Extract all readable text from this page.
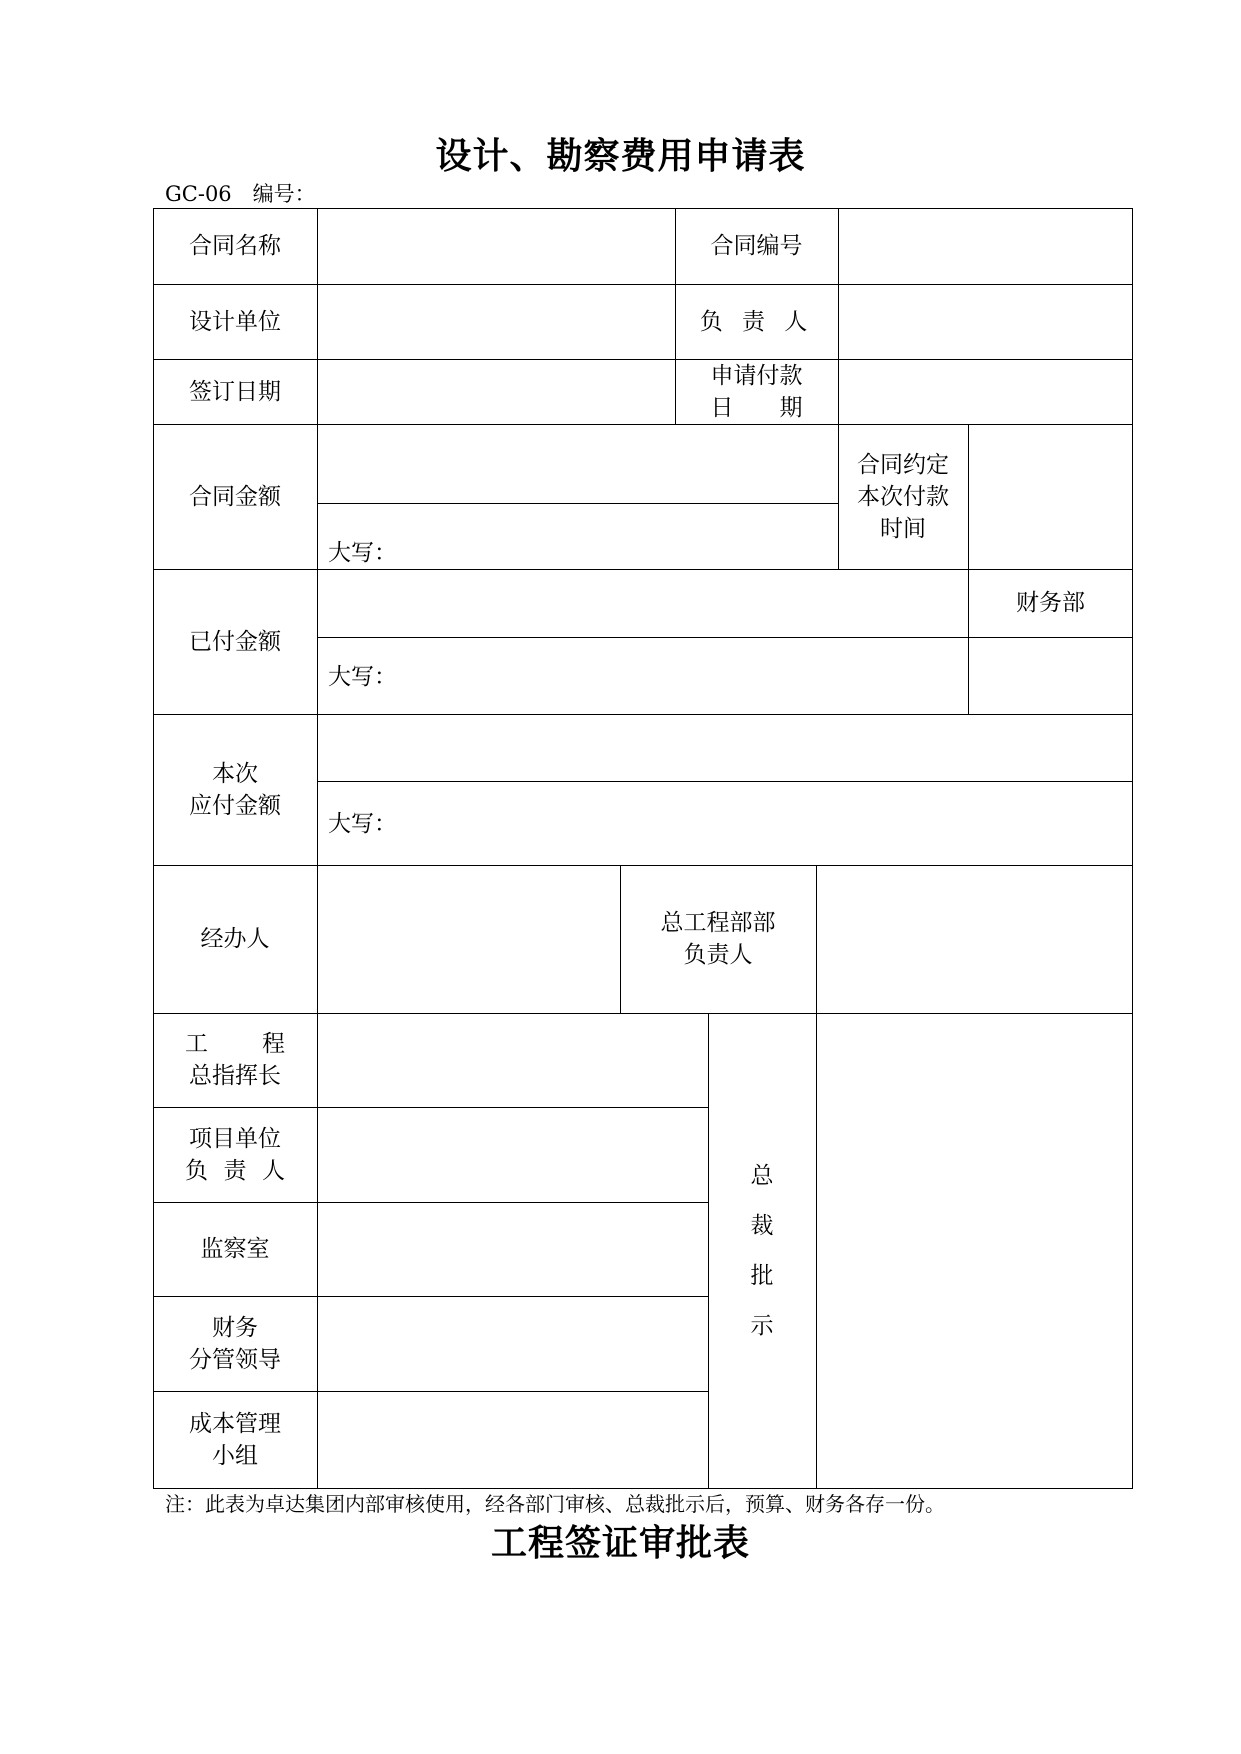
设计、勘察费用申请表
GC-06　编号：
合同名称	合同编号
设计单位	负 责 人
签订日期
申请付款
日　　期
合同金额
合同约定
本次付款
时间
大写：
已付金额
财务部
大写：
本次
应付金额
大写：
经办人
总工程部部
负责人
工 程
总指挥长
项目单位
负 责 人
监察室
财务
分管领导
成本管理
小组
总
裁
批
示
注：此表为卓达集团内部审核使用，经各部门审核、总裁批示后，预算、财务各存一份。
工程签证审批表
